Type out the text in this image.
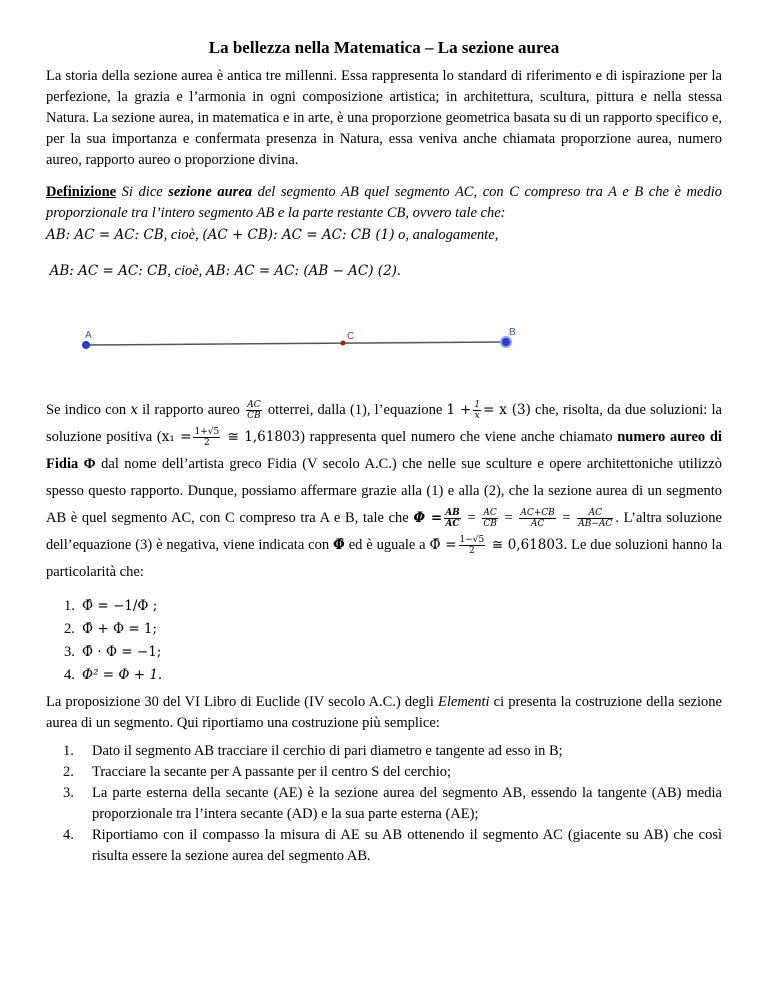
La bellezza nella Matematica – La sezione aurea

La storia della sezione aurea è antica tre millenni. Essa rappresenta lo standard di riferimento e di ispirazione per la perfezione, la grazia e l’armonia in ogni composizione artistica; in architettura, scultura, pittura e nella stessa Natura. La sezione aurea, in matematica e in arte, è una proporzione geometrica basata su di un rapporto specifico e, per la sua importanza e confermata presenza in Natura, essa veniva anche chiamata proporzione aurea, numero aureo, rapporto aureo o proporzione divina.

Definizione Si dice sezione aurea del segmento AB quel segmento AC, con C compreso tra A e B che è medio proporzionale tra l’intero segmento AB e la parte restante CB, ovvero tale che:

AB: AC = AC: CB, cioè, (AC + CB): AC = AC: CB (1) o, analogamente,

AB: AC = AC: CB, cioè, AB: AC = AC: (AB − AC) (2).

A	C	B

Se indico con x il rapporto aureo $\frac{AC}{CB}$ otterrei, dalla (1), l’equazione $1 + \frac{1}{x} = x$ (3) che, risolta, da due soluzioni: la soluzione positiva ($x_1 = \frac{1+√5}{2}$ ≅ 1,61803) rappresenta quel numero che viene anche chiamato numero aureo di Fidia Φ dal nome dell’artista greco Fidia (V secolo A.C.) che nelle sue sculture e opere architettoniche utilizzò spesso questo rapporto. Dunque, possiamo affermare grazie alla (1) e alla (2), che la sezione aurea di un segmento AB è quel segmento AC, con C compreso tra A e B, tale che $\Phi = \frac{AB}{AC} = \frac{AC}{CB} = \frac{AC+CB}{AC} = \frac{AC}{AB-AC}$ . L’altra soluzione dell’equazione (3) è negativa, viene indicata con Φ̂ ed è uguale a Φ̂ = $\frac{1-√5}{2}$ ≅ 0,61803. Le due soluzioni hanno la particolarità che:

1. Φ̂ = −1/Φ ;
2. Φ̂ + Φ = 1;
3. Φ̂ · Φ = −1;
4. Φ² = Φ + 1.

La proposizione 30 del VI Libro di Euclide (IV secolo A.C.) degli Elementi ci presenta la costruzione della sezione aurea di un segmento. Qui riportiamo una costruzione più semplice:

1. Dato il segmento AB tracciare il cerchio di pari diametro e tangente ad esso in B;
2. Tracciare la secante per A passante per il centro S del cerchio;
3. La parte esterna della secante (AE) è la sezione aurea del segmento AB, essendo la tangente (AB) media proporzionale tra l’intera secante (AD) e la sua parte esterna (AE);
4. Riportiamo con il compasso la misura di AE su AB ottenendo il segmento AC (giacente su AB) che così risulta essere la sezione aurea del segmento AB.
